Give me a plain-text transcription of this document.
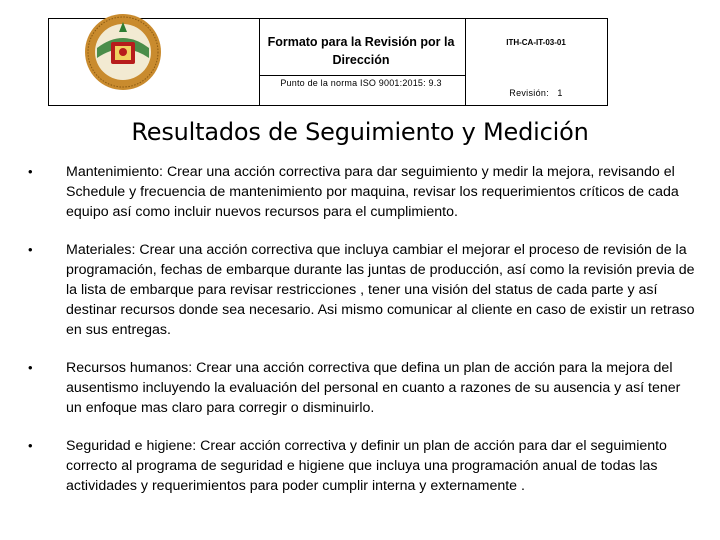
Formato para la Revisión por la Dirección
Punto de la norma ISO 9001:2015: 9.3
ITH-CA-IT-03-01
Revisión: 1
Resultados de Seguimiento y Medición
• Mantenimiento: Crear una acción correctiva para dar seguimiento y medir la mejora, revisando el Schedule y frecuencia de mantenimiento por maquina, revisar los requerimientos críticos de cada equipo así como incluir nuevos recursos para el cumplimiento.
• Materiales: Crear una acción correctiva que incluya cambiar el mejorar el proceso de revisión de la programación, fechas de embarque durante las juntas de producción, así como la revisión previa de la lista de embarque para revisar restricciones , tener una visión del status de cada parte y así destinar recursos donde sea necesario. Asi mismo comunicar al cliente en caso de existir un retraso en sus entregas.
• Recursos humanos: Crear una acción correctiva que defina un plan de acción para la mejora del ausentismo incluyendo la evaluación del personal en cuanto a razones de su ausencia y así tener un enfoque mas claro para corregir o disminuirlo.
• Seguridad e higiene: Crear acción correctiva y definir un plan de acción para dar el seguimiento correcto al programa de seguridad e higiene que incluya una programación anual de todas las actividades y requerimientos para poder cumplir interna y externamente .
